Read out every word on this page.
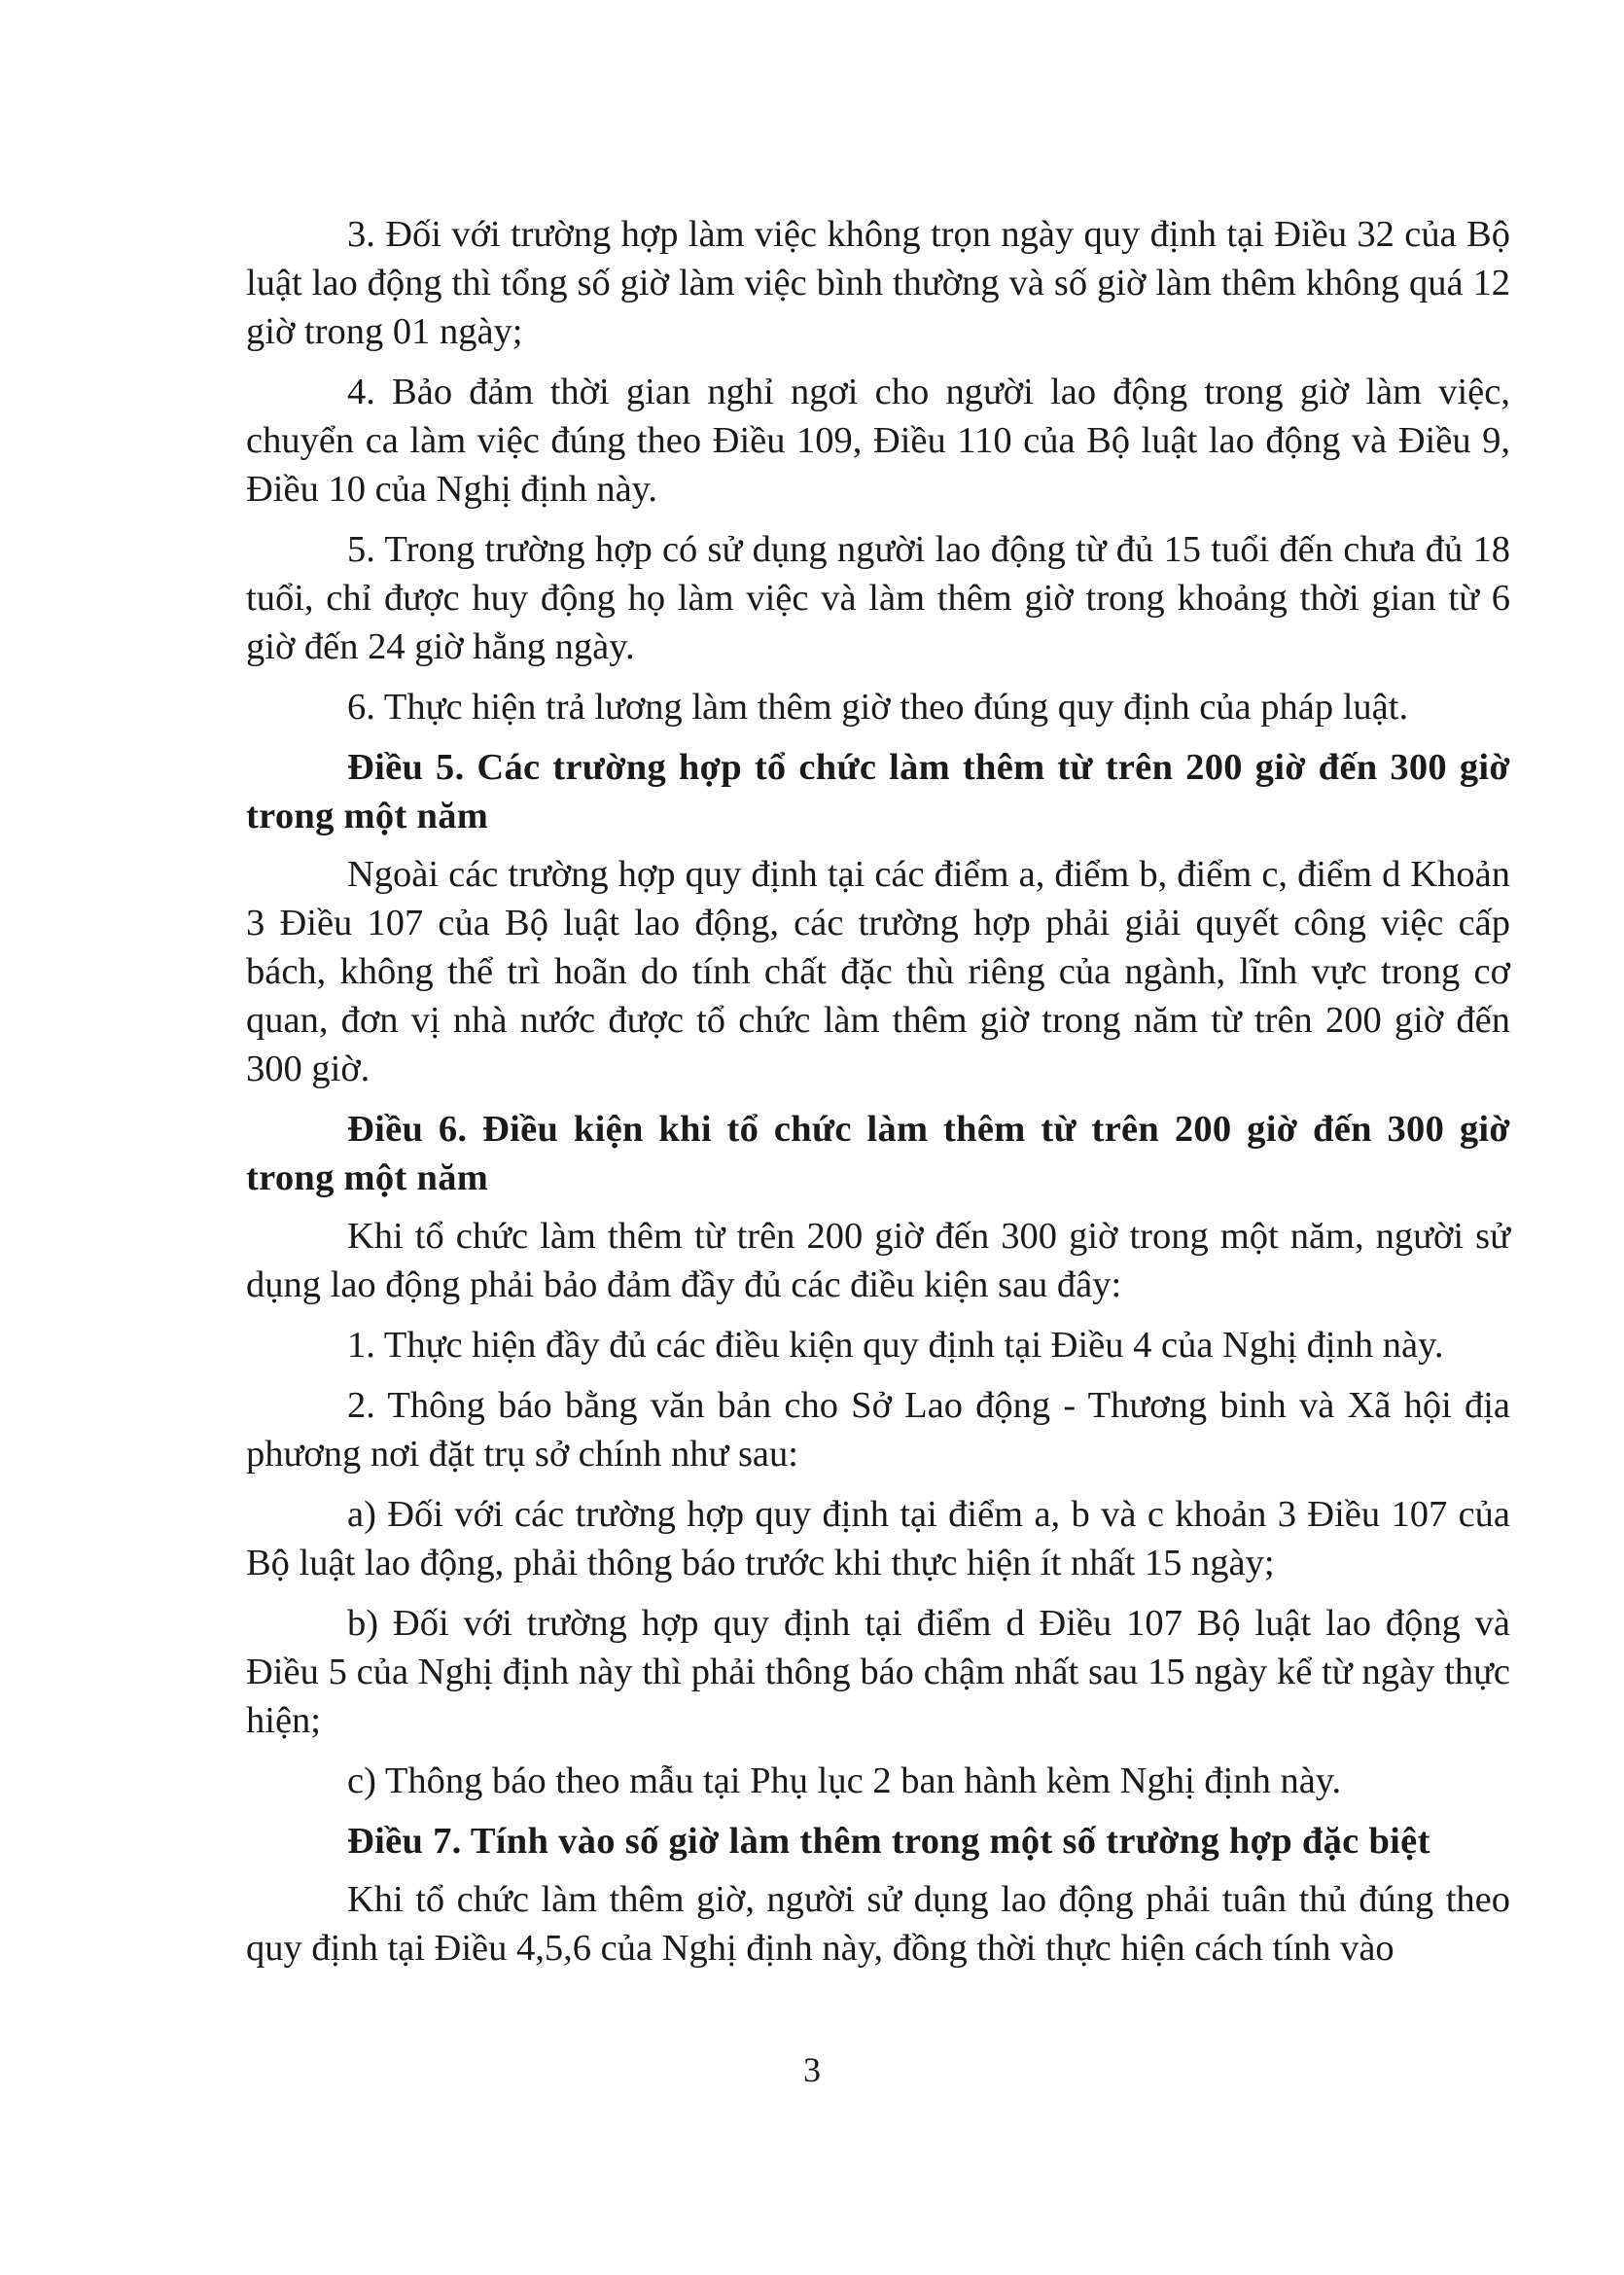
3. Đối với trường hợp làm việc không trọn ngày quy định tại Điều 32 của Bộ luật lao động thì tổng số giờ làm việc bình thường và số giờ làm thêm không quá 12 giờ trong 01 ngày;

4. Bảo đảm thời gian nghỉ ngơi cho người lao động trong giờ làm việc, chuyển ca làm việc đúng theo Điều 109, Điều 110 của Bộ luật lao động và Điều 9, Điều 10 của Nghị định này.

5. Trong trường hợp có sử dụng người lao động từ đủ 15 tuổi đến chưa đủ 18 tuổi, chỉ được huy động họ làm việc và làm thêm giờ trong khoảng thời gian từ 6 giờ đến 24 giờ hằng ngày.

6. Thực hiện trả lương làm thêm giờ theo đúng quy định của pháp luật.

Điều 5. Các trường hợp tổ chức làm thêm từ trên 200 giờ đến 300 giờ trong một năm

Ngoài các trường hợp quy định tại các điểm a, điểm b, điểm c, điểm d Khoản 3 Điều 107 của Bộ luật lao động, các trường hợp phải giải quyết công việc cấp bách, không thể trì hoãn do tính chất đặc thù riêng của ngành, lĩnh vực trong cơ quan, đơn vị nhà nước được tổ chức làm thêm giờ trong năm từ trên 200 giờ đến 300 giờ.

Điều 6. Điều kiện khi tổ chức làm thêm từ trên 200 giờ đến 300 giờ trong một năm

Khi tổ chức làm thêm từ trên 200 giờ đến 300 giờ trong một năm, người sử dụng lao động phải bảo đảm đầy đủ các điều kiện sau đây:

1. Thực hiện đầy đủ các điều kiện quy định tại Điều 4 của Nghị định này.

2. Thông báo bằng văn bản cho Sở Lao động - Thương binh và Xã hội địa phương nơi đặt trụ sở chính như sau:

a) Đối với các trường hợp quy định tại điểm a, b và c khoản 3 Điều 107 của Bộ luật lao động, phải thông báo trước khi thực hiện ít nhất 15 ngày;

b) Đối với trường hợp quy định tại điểm d Điều 107 Bộ luật lao động và Điều 5 của Nghị định này thì phải thông báo chậm nhất sau 15 ngày kể từ ngày thực hiện;

c) Thông báo theo mẫu tại Phụ lục 2 ban hành kèm Nghị định này.

Điều 7. Tính vào số giờ làm thêm trong một số trường hợp đặc biệt

Khi tổ chức làm thêm giờ, người sử dụng lao động phải tuân thủ đúng theo quy định tại Điều 4,5,6 của Nghị định này, đồng thời thực hiện cách tính vào

3
